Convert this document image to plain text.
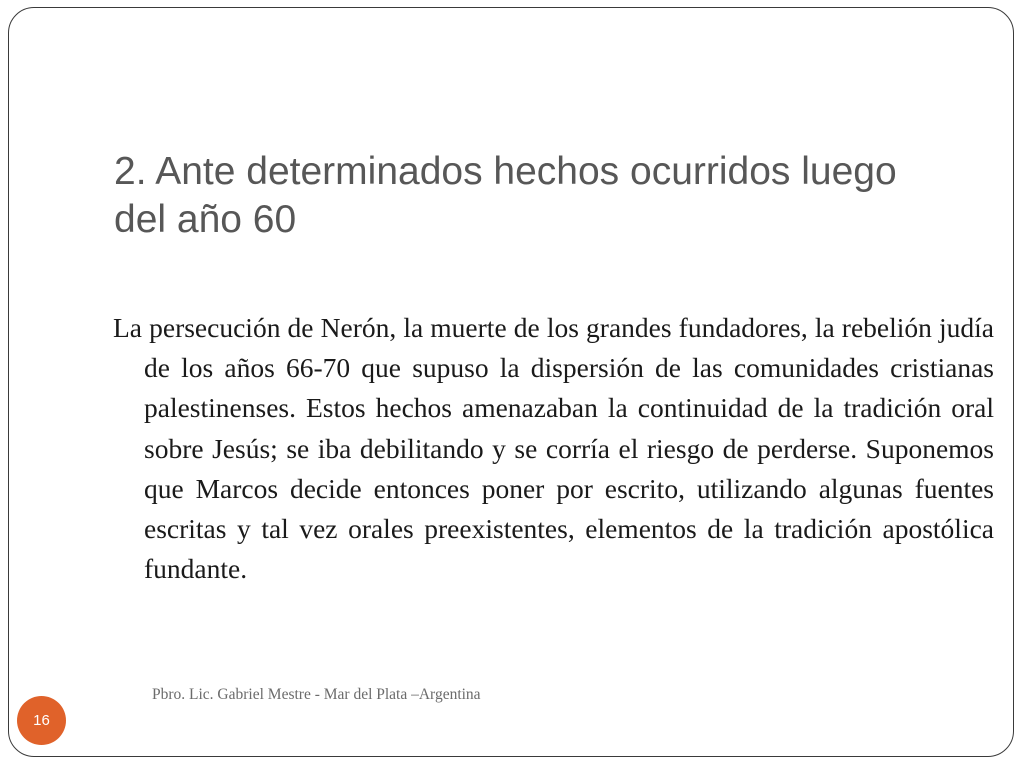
2. Ante determinados hechos ocurridos luego del año 60

La persecución de Nerón, la muerte de los grandes fundadores, la rebelión judía de los años 66-70 que supuso la dispersión de las comunidades cristianas palestinenses. Estos hechos amenazaban la continuidad de la tradición oral sobre Jesús; se iba debilitando y se corría el riesgo de perderse. Suponemos que Marcos decide entonces poner por escrito, utilizando algunas fuentes escritas y tal vez orales preexistentes, elementos de la tradición apostólica fundante.

Pbro. Lic. Gabriel Mestre - Mar del Plata –Argentina
16
